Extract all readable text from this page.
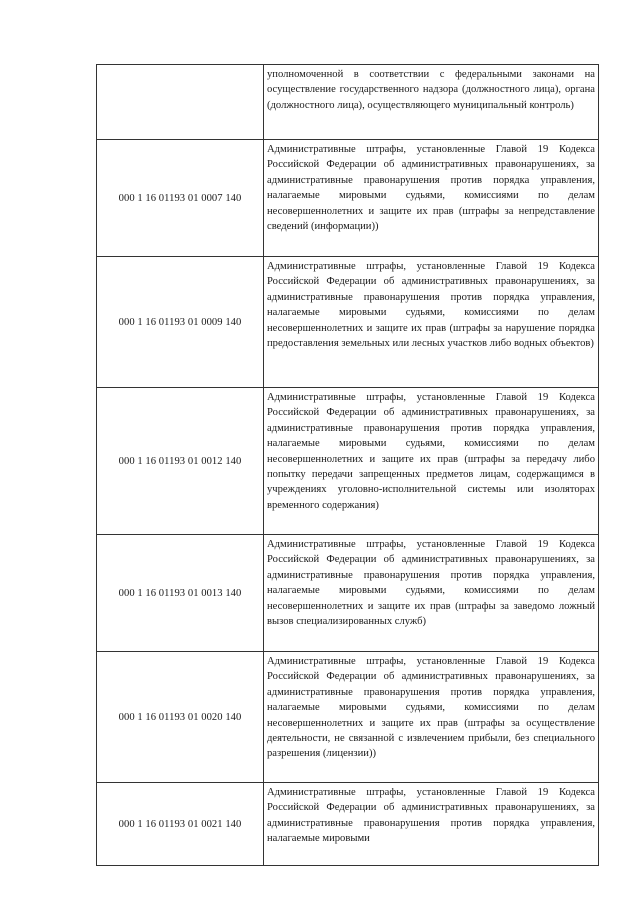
	уполномоченной в соответствии с федеральными законами на осуществление государственного надзора (должностного лица), органа (должностного лица), осуществляющего муниципальный контроль)
000 1 16 01193 01 0007 140	Административные штрафы, установленные Главой 19 Кодекса Российской Федерации об административных правонарушениях, за административные правонарушения против порядка управления, налагаемые мировыми судьями, комиссиями по делам несовершеннолетних и защите их прав (штрафы за непредставление сведений (информации))
000 1 16 01193 01 0009 140	Административные штрафы, установленные Главой 19 Кодекса Российской Федерации об административных правонарушениях, за административные правонарушения против порядка управления, налагаемые мировыми судьями, комиссиями по делам несовершеннолетних и защите их прав (штрафы за нарушение порядка предоставления земельных или лесных участков либо водных объектов)
000 1 16 01193 01 0012 140	Административные штрафы, установленные Главой 19 Кодекса Российской Федерации об административных правонарушениях, за административные правонарушения против порядка управления, налагаемые мировыми судьями, комиссиями по делам несовершеннолетних и защите их прав (штрафы за передачу либо попытку передачи запрещенных предметов лицам, содержащимся в учреждениях уголовно-исполнительной системы или изоляторах временного содержания)
000 1 16 01193 01 0013 140	Административные штрафы, установленные Главой 19 Кодекса Российской Федерации об административных правонарушениях, за административные правонарушения против порядка управления, налагаемые мировыми судьями, комиссиями по делам несовершеннолетних и защите их прав (штрафы за заведомо ложный вызов специализированных служб)
000 1 16 01193 01 0020 140	Административные штрафы, установленные Главой 19 Кодекса Российской Федерации об административных правонарушениях, за административные правонарушения против порядка управления, налагаемые мировыми судьями, комиссиями по делам несовершеннолетних и защите их прав (штрафы за осуществление деятельности, не связанной с извлечением прибыли, без специального разрешения (лицензии))
000 1 16 01193 01 0021 140	Административные штрафы, установленные Главой 19 Кодекса Российской Федерации об административных правонарушениях, за административные правонарушения против порядка управления, налагаемые мировыми
